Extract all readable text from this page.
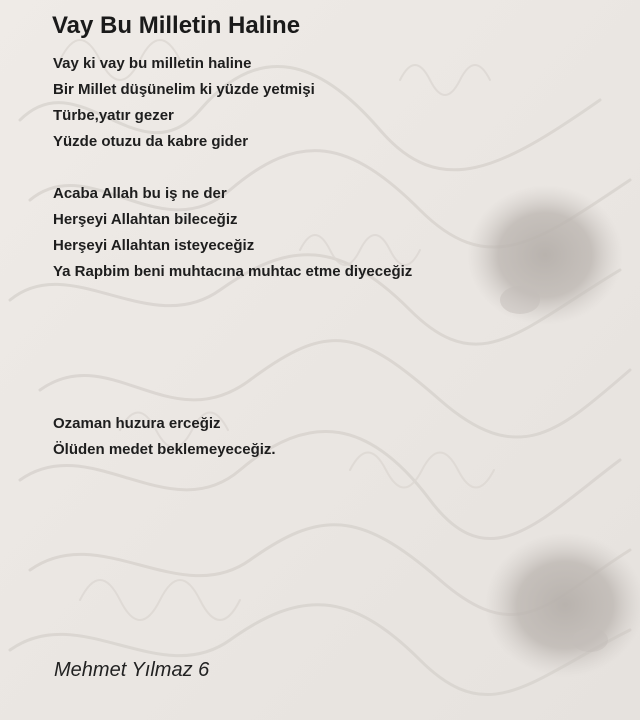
Vay Bu Milletin Haline
Vay ki vay bu milletin haline
Bir Millet düşünelim ki yüzde yetmişi
Türbe,yatır gezer
Yüzde otuzu da kabre gider
Acaba Allah bu iş ne der
Herşeyi Allahtan bileceğiz
Herşeyi Allahtan isteyeceğiz
Ya Rapbim beni muhtacına muhtac etme diyeceğiz
Ozaman huzura erceğiz
Ölüden medet beklemeyeceğiz.
Mehmet Yılmaz 6
